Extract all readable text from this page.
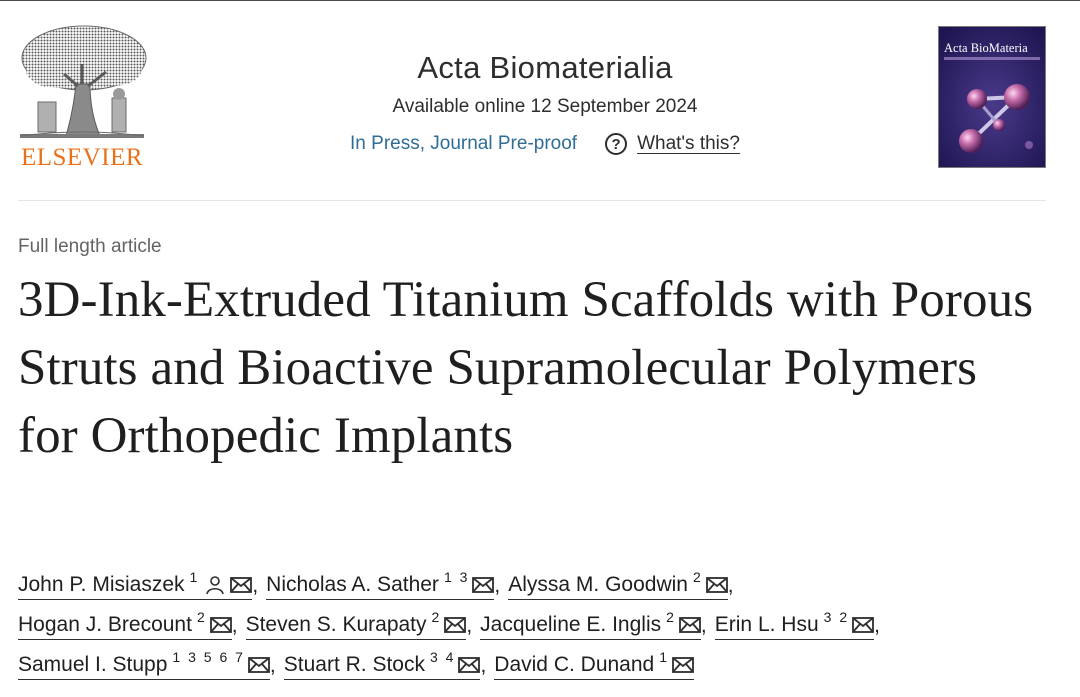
ELSEVIER
Acta Biomaterialia
Available online 12 September 2024
In Press, Journal Pre-proof	? What's this?
Acta BioMateria
Full length article
3D-Ink-Extruded Titanium Scaffolds with Porous Struts and Bioactive Supramolecular Polymers for Orthopedic Implants
John P. Misiaszek $^1$	, Nicholas A. Sather $^{1 3}$ , Alyssa M. Goodwin $^2$ ,
Hogan J. Brecount $^2$ , Steven S. Kurapaty $^2$ , Jacqueline E. Inglis $^2$ , Erin L. Hsu $^{3 2}$ ,
Samuel I. Stupp $^{1 3 5 6 7}$ , Stuart R. Stock $^{3 4}$ , David C. Dunand $^1$
